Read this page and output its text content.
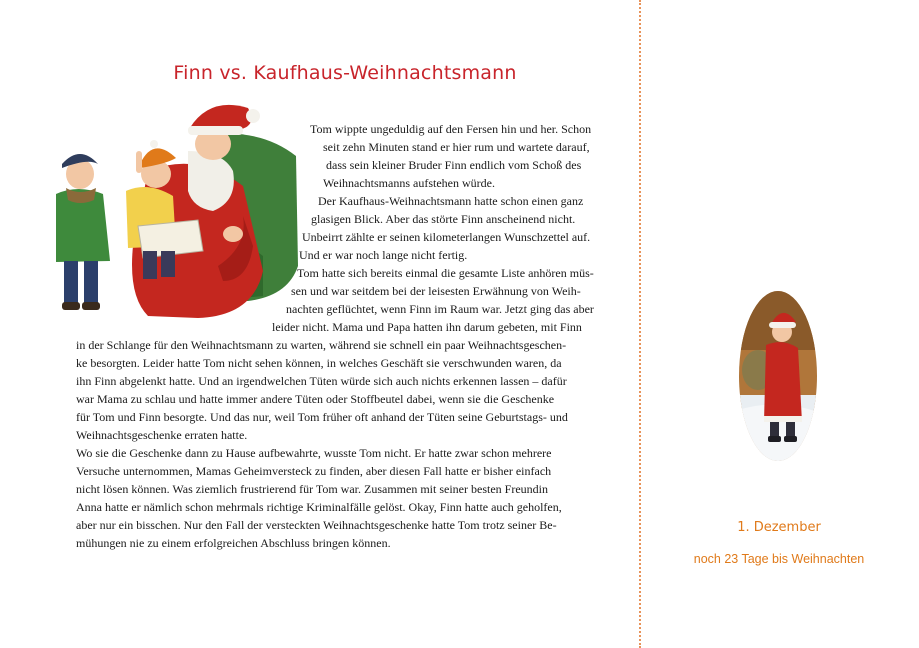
Finn vs. Kaufhaus-Weihnachtsmann
Tom wippte ungeduldig auf den Fersen hin und her. Schon
seit zehn Minuten stand er hier rum und wartete darauf,
dass sein kleiner Bruder Finn endlich vom Schoß des
Weihnachtsmanns aufstehen würde.
Der Kaufhaus-Weihnachtsmann hatte schon einen ganz
glasigen Blick. Aber das störte Finn anscheinend nicht.
Unbeirrt zählte er seinen kilometerlangen Wunschzettel auf.
Und er war noch lange nicht fertig.
Tom hatte sich bereits einmal die gesamte Liste anhören müs-
sen und war seitdem bei der leisesten Erwähnung von Weih-
nachten geflüchtet, wenn Finn im Raum war. Jetzt ging das aber
leider nicht. Mama und Papa hatten ihn darum gebeten, mit Finn
in der Schlange für den Weihnachtsmann zu warten, während sie schnell ein paar Weihnachtsgeschen-
ke besorgten. Leider hatte Tom nicht sehen können, in welches Geschäft sie verschwunden waren, da
ihn Finn abgelenkt hatte. Und an irgendwelchen Tüten würde sich auch nichts erkennen lassen – dafür
war Mama zu schlau und hatte immer andere Tüten oder Stoffbeutel dabei, wenn sie die Geschenke
für Tom und Finn besorgte. Und das nur, weil Tom früher oft anhand der Tüten seine Geburtstags- und
Weihnachtsgeschenke erraten hatte.
Wo sie die Geschenke dann zu Hause aufbewahrte, wusste Tom nicht. Er hatte zwar schon mehrere
Versuche unternommen, Mamas Geheimversteck zu finden, aber diesen Fall hatte er bisher einfach
nicht lösen können. Was ziemlich frustrierend für Tom war. Zusammen mit seiner besten Freundin
Anna hatte er nämlich schon mehrmals richtige Kriminalfälle gelöst. Okay, Finn hatte auch geholfen,
aber nur ein bisschen. Nur den Fall der versteckten Weihnachtsgeschenke hatte Tom trotz seiner Be-
mühungen nie zu einem erfolgreichen Abschluss bringen können.
1. Dezember
noch 23 Tage bis Weihnachten
